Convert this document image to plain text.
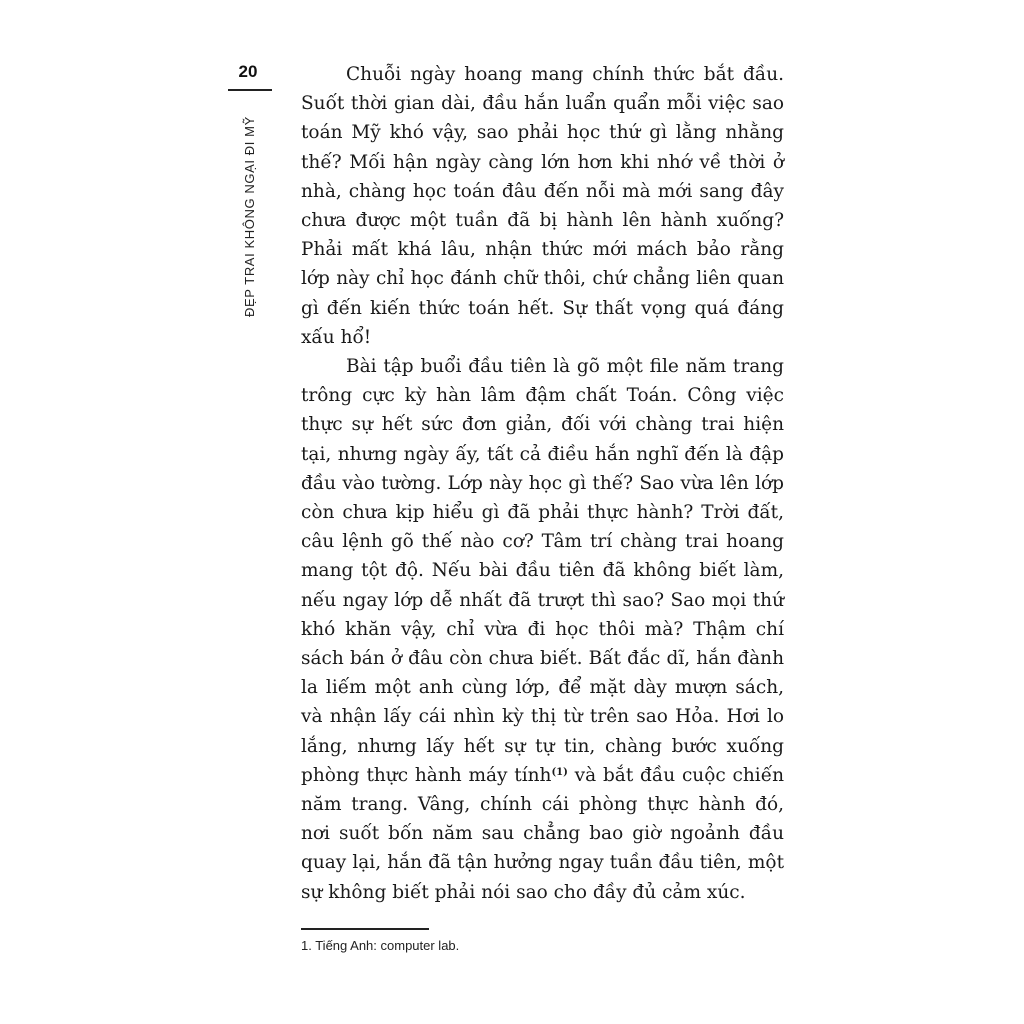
20
ĐẸP TRAI KHÔNG NGẠI ĐI MỸ

Chuỗi ngày hoang mang chính thức bắt đầu. Suốt thời gian dài, đầu hắn luẩn quẩn mỗi việc sao toán Mỹ khó vậy, sao phải học thứ gì lằng nhằng thế? Mối hận ngày càng lớn hơn khi nhớ về thời ở nhà, chàng học toán đâu đến nỗi mà mới sang đây chưa được một tuần đã bị hành lên hành xuống? Phải mất khá lâu, nhận thức mới mách bảo rằng lớp này chỉ học đánh chữ thôi, chứ chẳng liên quan gì đến kiến thức toán hết. Sự thất vọng quá đáng xấu hổ!

Bài tập buổi đầu tiên là gõ một file năm trang trông cực kỳ hàn lâm đậm chất Toán. Công việc thực sự hết sức đơn giản, đối với chàng trai hiện tại, nhưng ngày ấy, tất cả điều hắn nghĩ đến là đập đầu vào tường. Lớp này học gì thế? Sao vừa lên lớp còn chưa kịp hiểu gì đã phải thực hành? Trời đất, câu lệnh gõ thế nào cơ? Tâm trí chàng trai hoang mang tột độ. Nếu bài đầu tiên đã không biết làm, nếu ngay lớp dễ nhất đã trượt thì sao? Sao mọi thứ khó khăn vậy, chỉ vừa đi học thôi mà? Thậm chí sách bán ở đâu còn chưa biết. Bất đắc dĩ, hắn đành la liếm một anh cùng lớp, để mặt dày mượn sách, và nhận lấy cái nhìn kỳ thị từ trên sao Hỏa. Hơi lo lắng, nhưng lấy hết sự tự tin, chàng bước xuống phòng thực hành máy tính$^{(1)}$ và bắt đầu cuộc chiến năm trang. Vâng, chính cái phòng thực hành đó, nơi suốt bốn năm sau chẳng bao giờ ngoảnh đầu quay lại, hắn đã tận hưởng ngay tuần đầu tiên, một sự không biết phải nói sao cho đầy đủ cảm xúc.

1. Tiếng Anh: computer lab.
